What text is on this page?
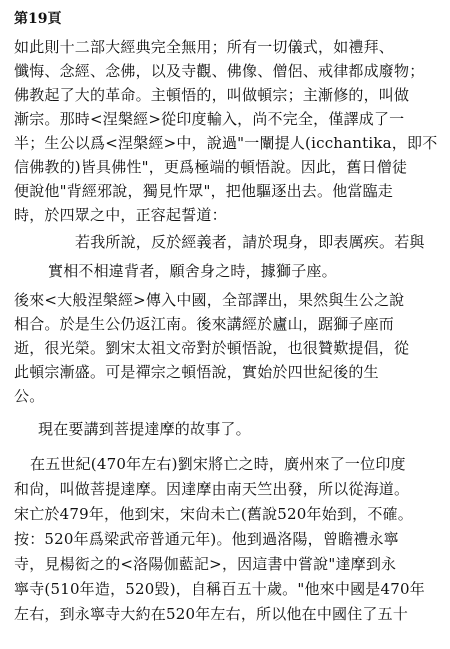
第19頁
如此則十二部大經典完全無用；所有一切儀式，如禮拜、
懺悔、念經、念佛，以及寺觀、佛像、僧侶、戒律都成廢物；
佛教起了大的革命。主頓悟的，叫做頓宗；主漸修的，叫做
漸宗。那時<涅槃經>從印度輸入，尚不完全，僅譯成了一
半；生公以爲<涅槃經>中，說過"一闡提人(icchantika，即不
信佛教的)皆具佛性"，更爲極端的頓悟說。因此，舊日僧徒
便說他"背經邪說，獨見忤眾"，把他驅逐出去。他當臨走
時，於四眾之中，正容起誓道：
若我所說，反於經義者，請於現身，即表厲疾。若與
實相不相違背者，願舍身之時，據獅子座。
後來<大般涅槃經>傳入中國，全部譯出，果然與生公之說
相合。於是生公仍返江南。後來講經於廬山，踞獅子座而
逝，很光榮。劉宋太祖文帝對於頓悟說，也很贊歎提倡，從
此頓宗漸盛。可是禪宗之頓悟說，實始於四世紀後的生
公。
現在要講到菩提達摩的故事了。
在五世紀(470年左右)劉宋將亡之時，廣州來了一位印度
和尙，叫做菩提達摩。因達摩由南天竺出發，所以從海道。
宋亡於479年，他到宋，宋尙未亡(舊說520年始到，不確。
按：520年爲梁武帝普通元年)。他到過洛陽，曾瞻禮永寧
寺，見楊衒之的<洛陽伽藍記>，因這書中嘗說"達摩到永
寧寺(510年造，520毀)，自稱百五十歲。"他來中國是470年
左右，到永寧寺大約在520年左右，所以他在中國住了五十
